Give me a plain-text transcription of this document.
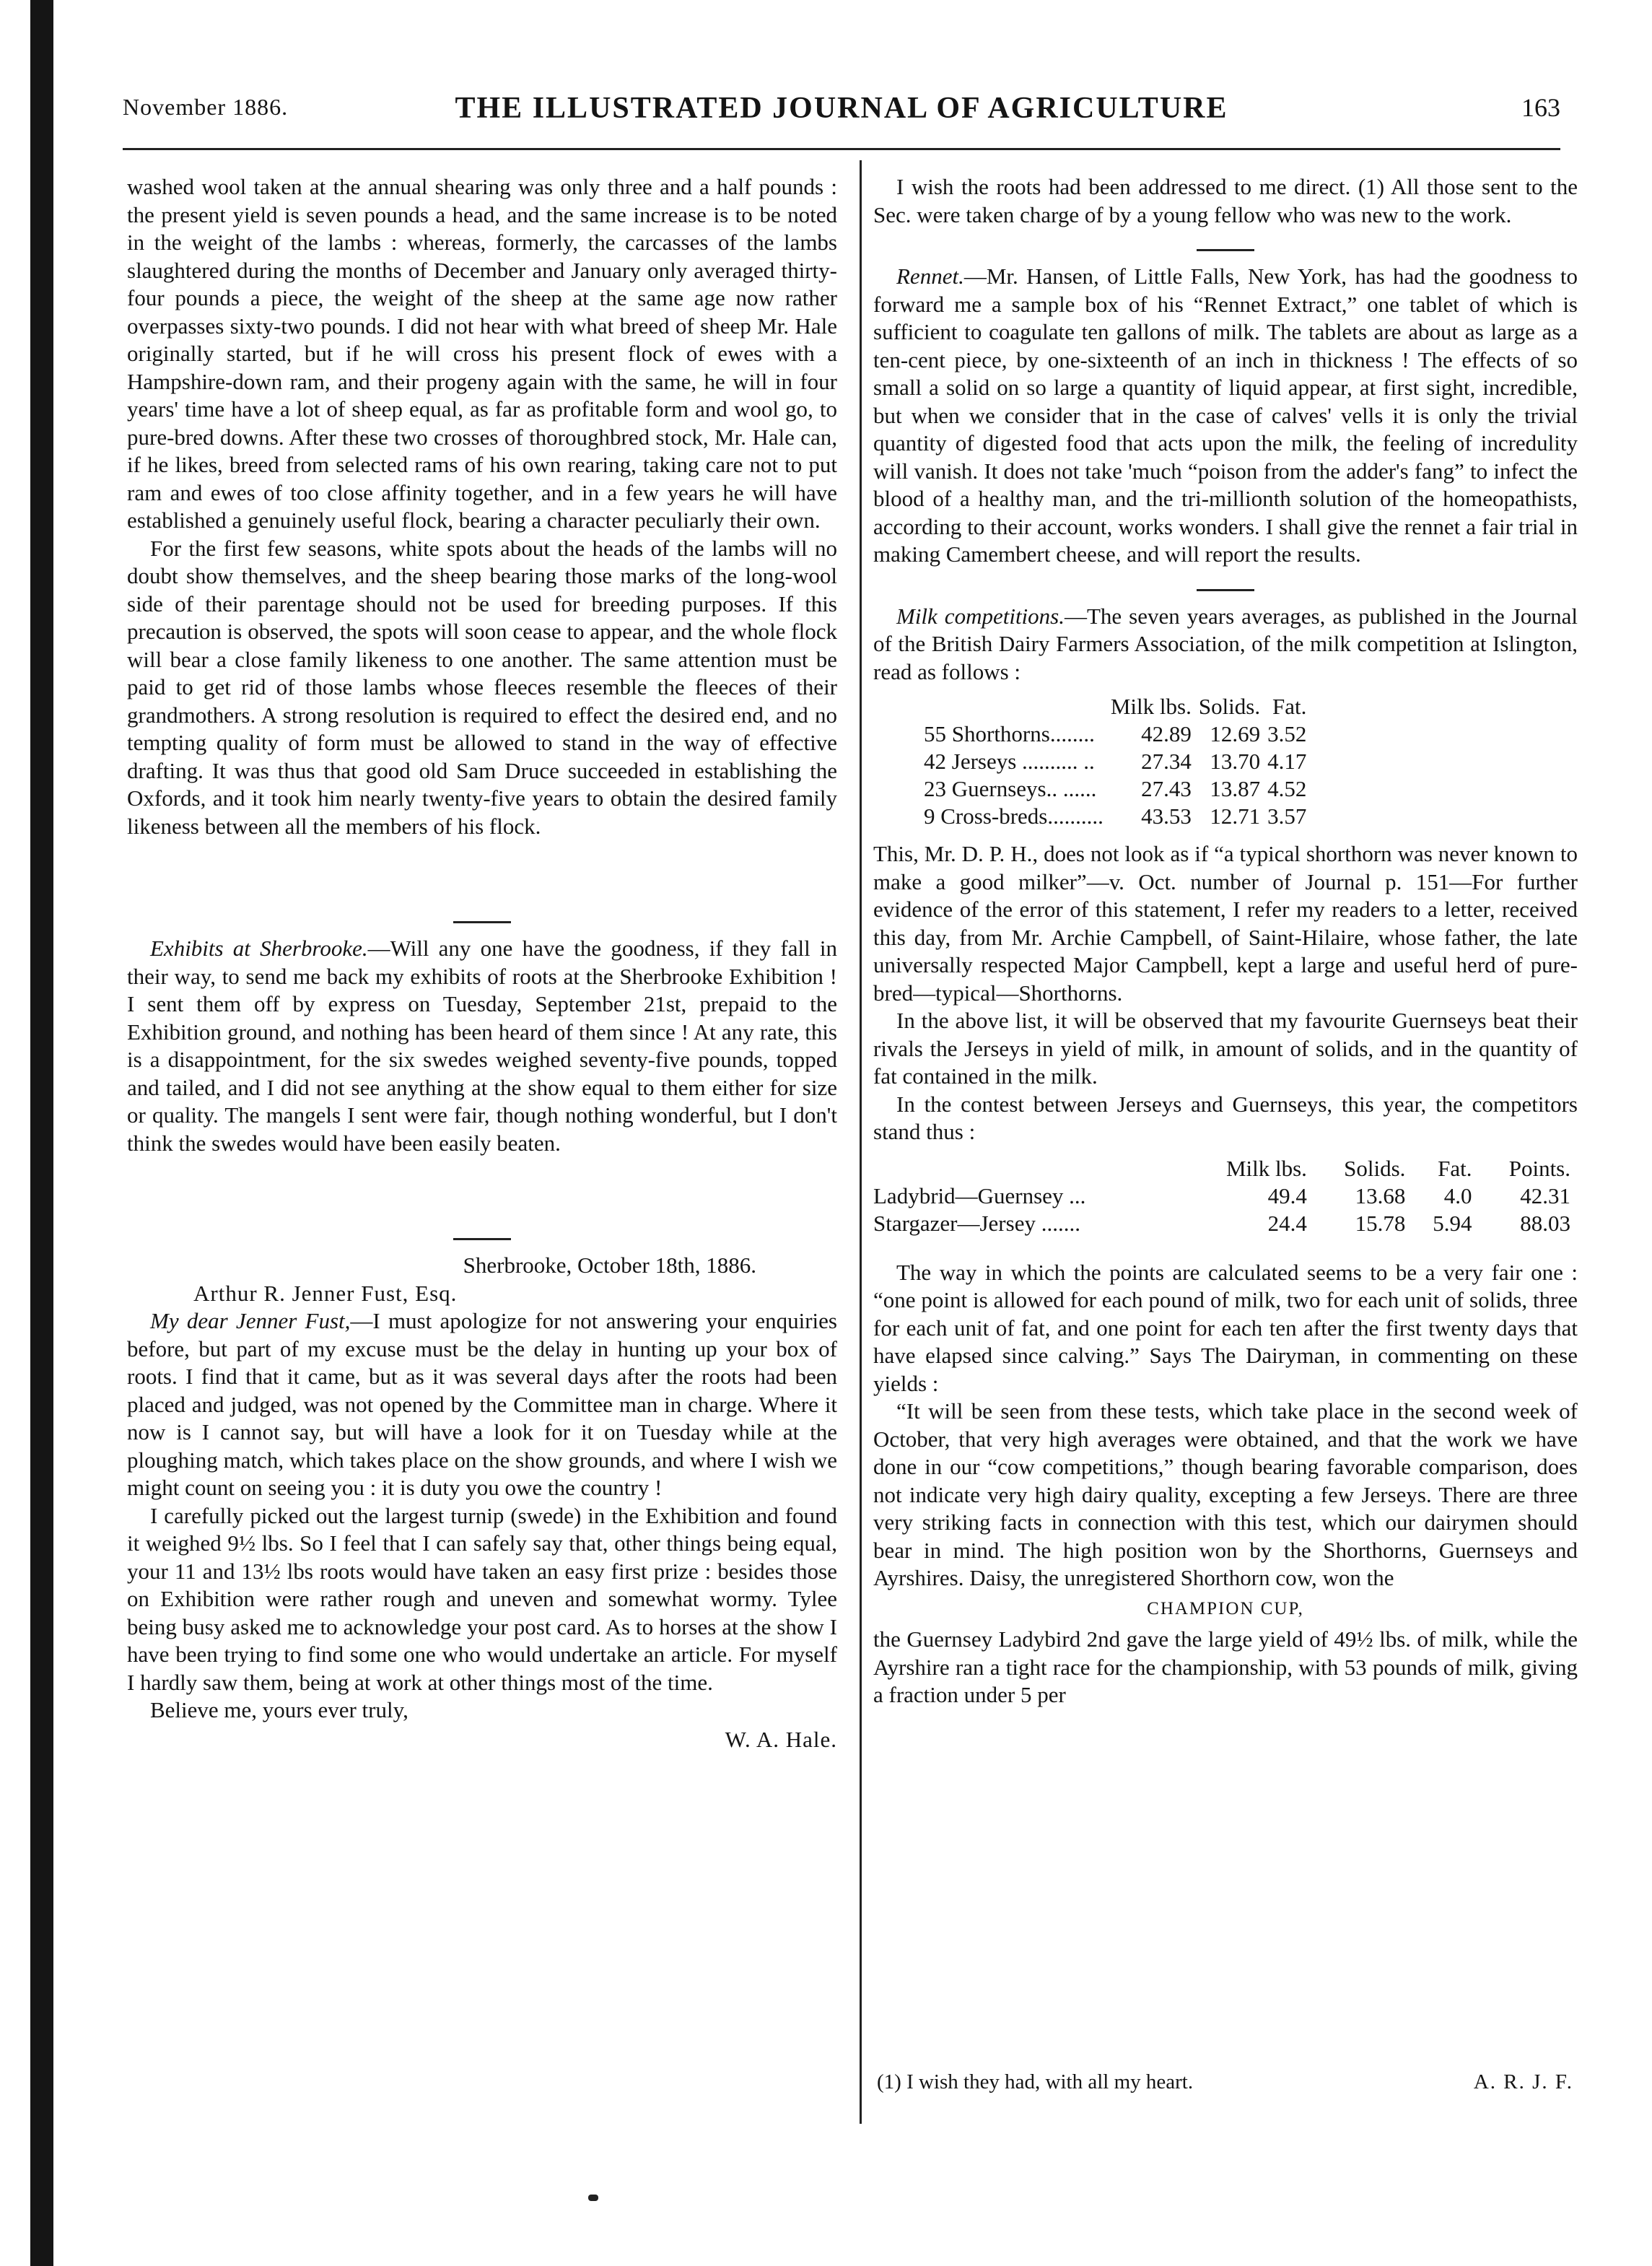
November 1886.	THE ILLUSTRATED JOURNAL OF AGRICULTURE	163

washed wool taken at the annual shearing was only three and a half pounds : the present yield is seven pounds a head, and the same increase is to be noted in the weight of the lambs : whereas, formerly, the carcasses of the lambs slaughtered during the months of December and January only averaged thirty-four pounds a piece, the weight of the sheep at the same age now rather overpasses sixty-two pounds. I did not hear with what breed of sheep Mr. Hale originally started, but if he will cross his present flock of ewes with a Hampshire-down ram, and their progeny again with the same, he will in four years' time have a lot of sheep equal, as far as profitable form and wool go, to pure-bred downs. After these two crosses of thoroughbred stock, Mr. Hale can, if he likes, breed from selected rams of his own rearing, taking care not to put ram and ewes of too close affinity together, and in a few years he will have established a genuinely useful flock, bearing a character peculiarly their own.

For the first few seasons, white spots about the heads of the lambs will no doubt show themselves, and the sheep bearing those marks of the long-wool side of their parentage should not be used for breeding purposes. If this precaution is observed, the spots will soon cease to appear, and the whole flock will bear a close family likeness to one another. The same attention must be paid to get rid of those lambs whose fleeces resemble the fleeces of their grandmothers. A strong resolution is required to effect the desired end, and no tempting quality of form must be allowed to stand in the way of effective drafting. It was thus that good old Sam Druce succeeded in establishing the Oxfords, and it took him nearly twenty-five years to obtain the desired family likeness between all the members of his flock.

Exhibits at Sherbrooke.—Will any one have the goodness, if they fall in their way, to send me back my exhibits of roots at the Sherbrooke Exhibition ! I sent them off by express on Tuesday, September 21st, prepaid to the Exhibition ground, and nothing has been heard of them since ! At any rate, this is a disappointment, for the six swedes weighed seventy-five pounds, topped and tailed, and I did not see anything at the show equal to them either for size or quality. The mangels I sent were fair, though nothing wonderful, but I don't think the swedes would have been easily beaten.

Sherbrooke, October 18th, 1886.
Arthur R. Jenner Fust, Esq.

My dear Jenner Fust,—I must apologize for not answering your enquiries before, but part of my excuse must be the delay in hunting up your box of roots. I find that it came, but as it was several days after the roots had been placed and judged, was not opened by the Committee man in charge. Where it now is I cannot say, but will have a look for it on Tuesday while at the ploughing match, which takes place on the show grounds, and where I wish we might count on seeing you : it is duty you owe the country !

I carefully picked out the largest turnip (swede) in the Exhibition and found it weighed 9½ lbs. So I feel that I can safely say that, other things being equal, your 11 and 13½ lbs roots would have taken an easy first prize : besides those on Exhibition were rather rough and uneven and somewhat wormy. Tylee being busy asked me to acknowledge your post card. As to horses at the show I have been trying to find some one who would undertake an article. For myself I hardly saw them, being at work at other things most of the time.

Believe me, yours ever truly,

W. A. Hale.

I wish the roots had been addressed to me direct. (1) All those sent to the Sec. were taken charge of by a young fellow who was new to the work.

Rennet.—Mr. Hansen, of Little Falls, New York, has had the goodness to forward me a sample box of his “Rennet Extract,” one tablet of which is sufficient to coagulate ten gallons of milk. The tablets are about as large as a ten-cent piece, by one-sixteenth of an inch in thickness ! The effects of so small a solid on so large a quantity of liquid appear, at first sight, incredible, but when we consider that in the case of calves' vells it is only the trivial quantity of digested food that acts upon the milk, the feeling of incredulity will vanish. It does not take 'much “poison from the adder's fang” to infect the blood of a healthy man, and the tri-millionth solution of the homeopathists, according to their account, works wonders. I shall give the rennet a fair trial in making Camembert cheese, and will report the results.

Milk competitions.—The seven years averages, as published in the Journal of the British Dairy Farmers Association, of the milk competition at Islington, read as follows :

	Milk lbs.	Solids.	Fat.
55 Shorthorns........	42.89	12.69	3.52
42 Jerseys .......... ..	27.34	13.70	4.17
23 Guernseys.. ......	27.43	13.87	4.52
9 Cross-breds..........	43.53	12.71	3.57

This, Mr. D. P. H., does not look as if “a typical shorthorn was never known to make a good milker”—v. Oct. number of Journal p. 151—For further evidence of the error of this statement, I refer my readers to a letter, received this day, from Mr. Archie Campbell, of Saint-Hilaire, whose father, the late universally respected Major Campbell, kept a large and useful herd of pure-bred—typical—Shorthorns.

In the above list, it will be observed that my favourite Guernseys beat their rivals the Jerseys in yield of milk, in amount of solids, and in the quantity of fat contained in the milk.

In the contest between Jerseys and Guernseys, this year, the competitors stand thus :

	Milk lbs.	Solids.	Fat.	Points.
Ladybrid—Guernsey ...	49.4	13.68	4.0	42.31
Stargazer—Jersey .......	24.4	15.78	5.94	88.03

The way in which the points are calculated seems to be a very fair one : “one point is allowed for each pound of milk, two for each unit of solids, three for each unit of fat, and one point for each ten after the first twenty days that have elapsed since calving.” Says The Dairyman, in commenting on these yields :

“It will be seen from these tests, which take place in the second week of October, that very high averages were obtained, and that the work we have done in our “cow competitions,” though bearing favorable comparison, does not indicate very high dairy quality, excepting a few Jerseys. There are three very striking facts in connection with this test, which our dairymen should bear in mind. The high position won by the Shorthorns, Guernseys and Ayrshires. Daisy, the unregistered Shorthorn cow, won the

CHAMPION CUP,

the Guernsey Ladybird 2nd gave the large yield of 49½ lbs. of milk, while the Ayrshire ran a tight race for the championship, with 53 pounds of milk, giving a fraction under 5 per

(1) I wish they had, with all my heart.	A. R. J. F.
